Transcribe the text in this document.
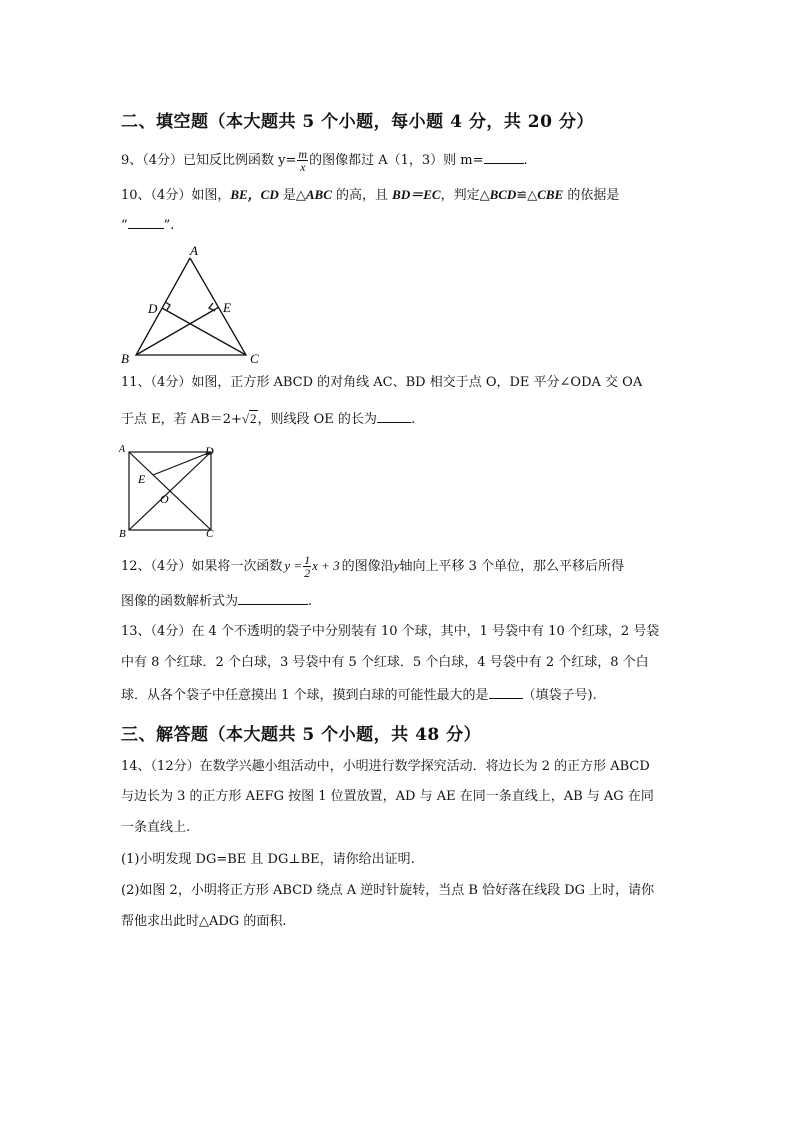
二、填空题（本大题共 5 个小题，每小题 4 分，共 20 分）
9、（4分）已知反比例函数 $y= \frac{m}{x}$ 的图像都过 A（1，3）则 m=	.
10、（4分）如图，BE，CD 是△ABC 的高，且 BD＝EC，判定△BCD≌△CBE 的依据是
“	”.
A
B	C
D	E
11、（4分）如图，正方形 ABCD 的对角线 AC、BD 相交于点 O，DE 平分∠ODA 交 OA
于点 E，若 AB＝2+√2，则线段 OE 的长为	.
A	D
B	C
E
O
12、（4分）如果将一次函数 $y = \frac{1}{2}$ x + 3 的图像沿y轴向上平移 3 个单位，那么平移后所得
图像的函数解析式为	.
13、（4分）在 4 个不透明的袋子中分别装有 10 个球，其中，1 号袋中有 10 个红球，2 号袋
中有 8 个红球．2 个白球，3 号袋中有 5 个红球．5 个白球，4 号袋中有 2 个红球，8 个白
球．从各个袋子中任意摸出 1 个球，摸到白球的可能性最大的是	（填袋子号).
三、解答题（本大题共 5 个小题，共 48 分）
14、（12分）在数学兴趣小组活动中，小明进行数学探究活动．将边长为 2 的正方形 ABCD
与边长为 3 的正方形 AEFG 按图 1 位置放置，AD 与 AE 在同一条直线上，AB 与 AG 在同
一条直线上.
(1)小明发现 DG=BE 且 DG⊥BE，请你给出证明.
(2)如图 2，小明将正方形 ABCD 绕点 A 逆时针旋转，当点 B 恰好落在线段 DG 上时，请你
帮他求出此时△ADG 的面积.
